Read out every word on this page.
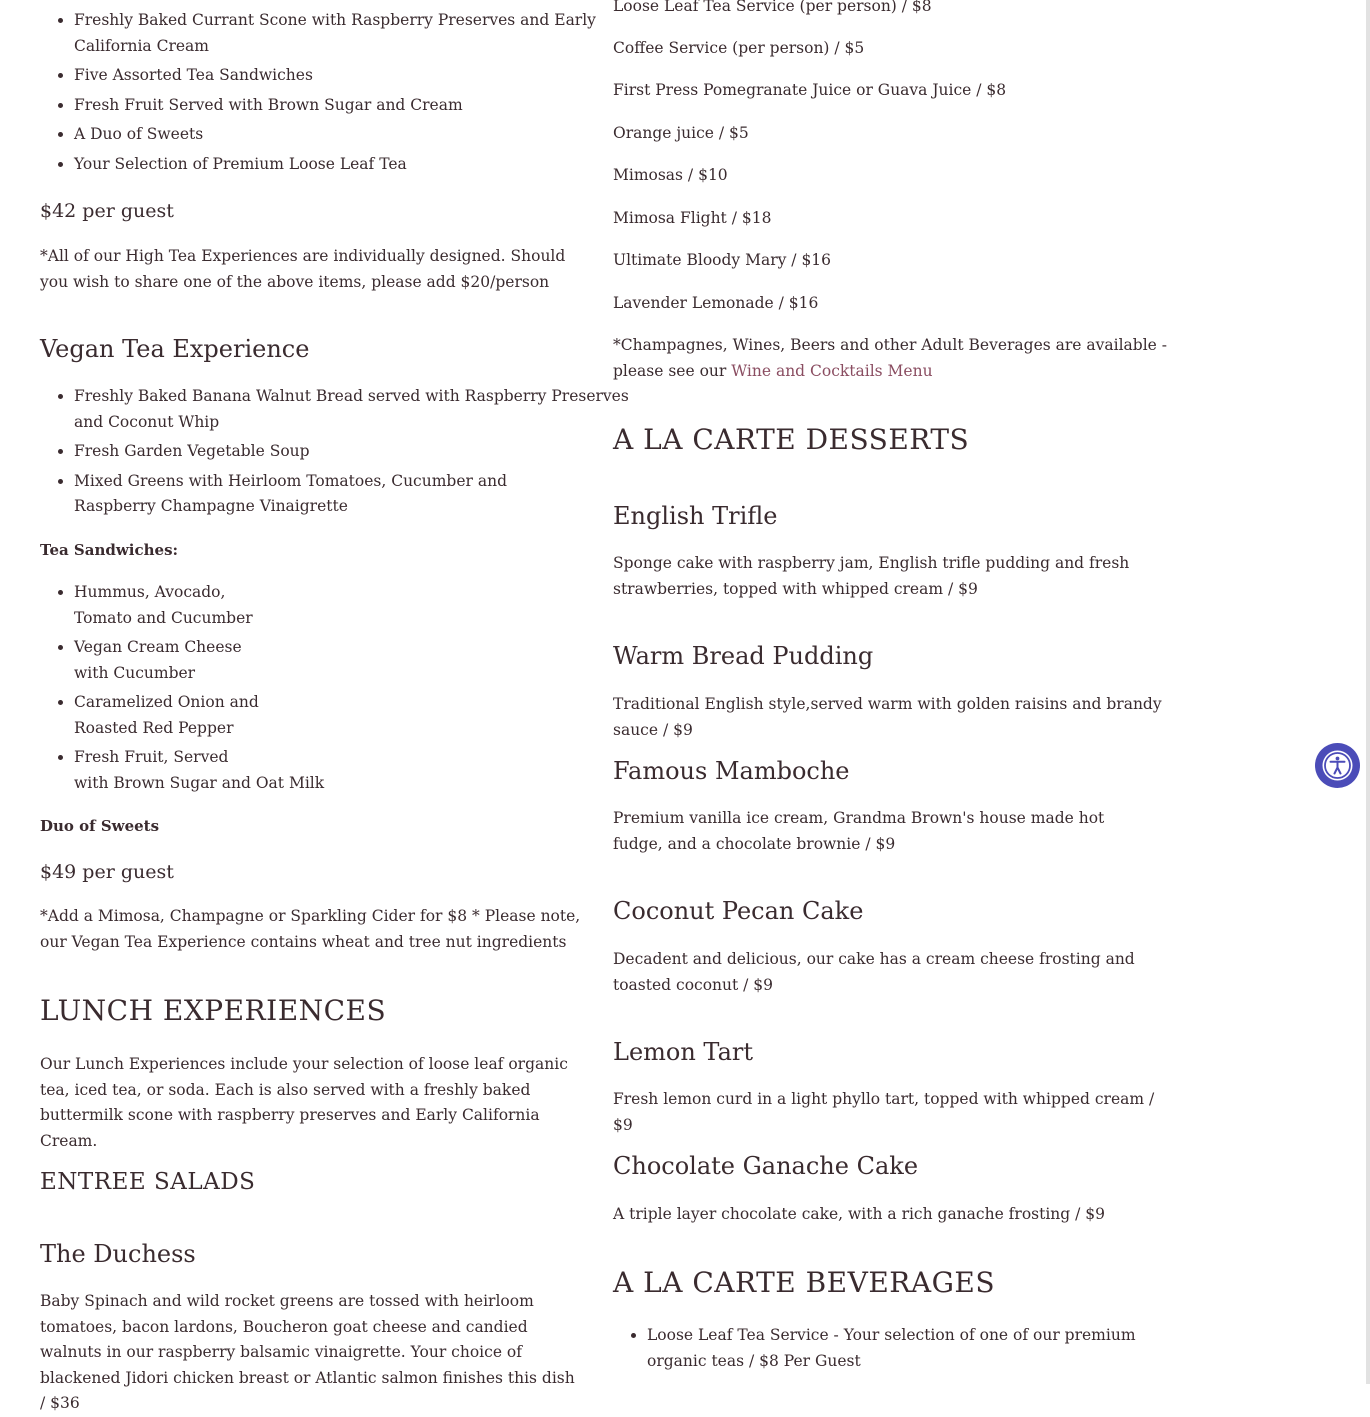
• Freshly Baked Currant Scone with Raspberry Preserves and Early California Cream
• Five Assorted Tea Sandwiches
• Fresh Fruit Served with Brown Sugar and Cream
• A Duo of Sweets
• Your Selection of Premium Loose Leaf Tea
$42 per guest

*All of our High Tea Experiences are individually designed. Should you wish to share one of the above items, please add $20/person

Vegan Tea Experience
• Freshly Baked Banana Walnut Bread served with Raspberry Preserves and Coconut Whip
• Fresh Garden Vegetable Soup
• Mixed Greens with Heirloom Tomatoes, Cucumber and Raspberry Champagne Vinaigrette
Tea Sandwiches:
• Hummus, Avocado,
Tomato and Cucumber
• Vegan Cream Cheese
with Cucumber
• Caramelized Onion and
Roasted Red Pepper
• Fresh Fruit, Served
with Brown Sugar and Oat Milk
Duo of Sweets
$49 per guest

*Add a Mimosa, Champagne or Sparkling Cider for $8 * Please note, our Vegan Tea Experience contains wheat and tree nut ingredients

LUNCH EXPERIENCES

Our Lunch Experiences include your selection of loose leaf organic tea, iced tea, or soda. Each is also served with a freshly baked buttermilk scone with raspberry preserves and Early California Cream.

ENTREE SALADS
The Duchess

Baby Spinach and wild rocket greens are tossed with heirloom tomatoes, bacon lardons, Boucheron goat cheese and candied walnuts in our raspberry balsamic vinaigrette. Your choice of blackened Jidori chicken breast or Atlantic salmon finishes this dish / $36

Loose Leaf Tea Service (per person) / $8

Coffee Service (per person) / $5

First Press Pomegranate Juice or Guava Juice / $8

Orange juice / $5

Mimosas / $10

Mimosa Flight / $18

Ultimate Bloody Mary / $16

Lavender Lemonade / $16

*Champagnes, Wines, Beers and other Adult Beverages are available - please see our Wine and Cocktails Menu

A LA CARTE DESSERTS
English Trifle

Sponge cake with raspberry jam, English trifle pudding and fresh strawberries, topped with whipped cream / $9

Warm Bread Pudding

Traditional English style,served warm with golden raisins and brandy sauce / $9

Famous Mamboche

Premium vanilla ice cream, Grandma Brown's house made hot fudge, and a chocolate brownie / $9

Coconut Pecan Cake

Decadent and delicious, our cake has a cream cheese frosting and toasted coconut / $9

Lemon Tart

Fresh lemon curd in a light phyllo tart, topped with whipped cream / $9

Chocolate Ganache Cake

A triple layer chocolate cake, with a rich ganache frosting / $9

A LA CARTE BEVERAGES
• Loose Leaf Tea Service - Your selection of one of our premium organic teas / $8 Per Guest
